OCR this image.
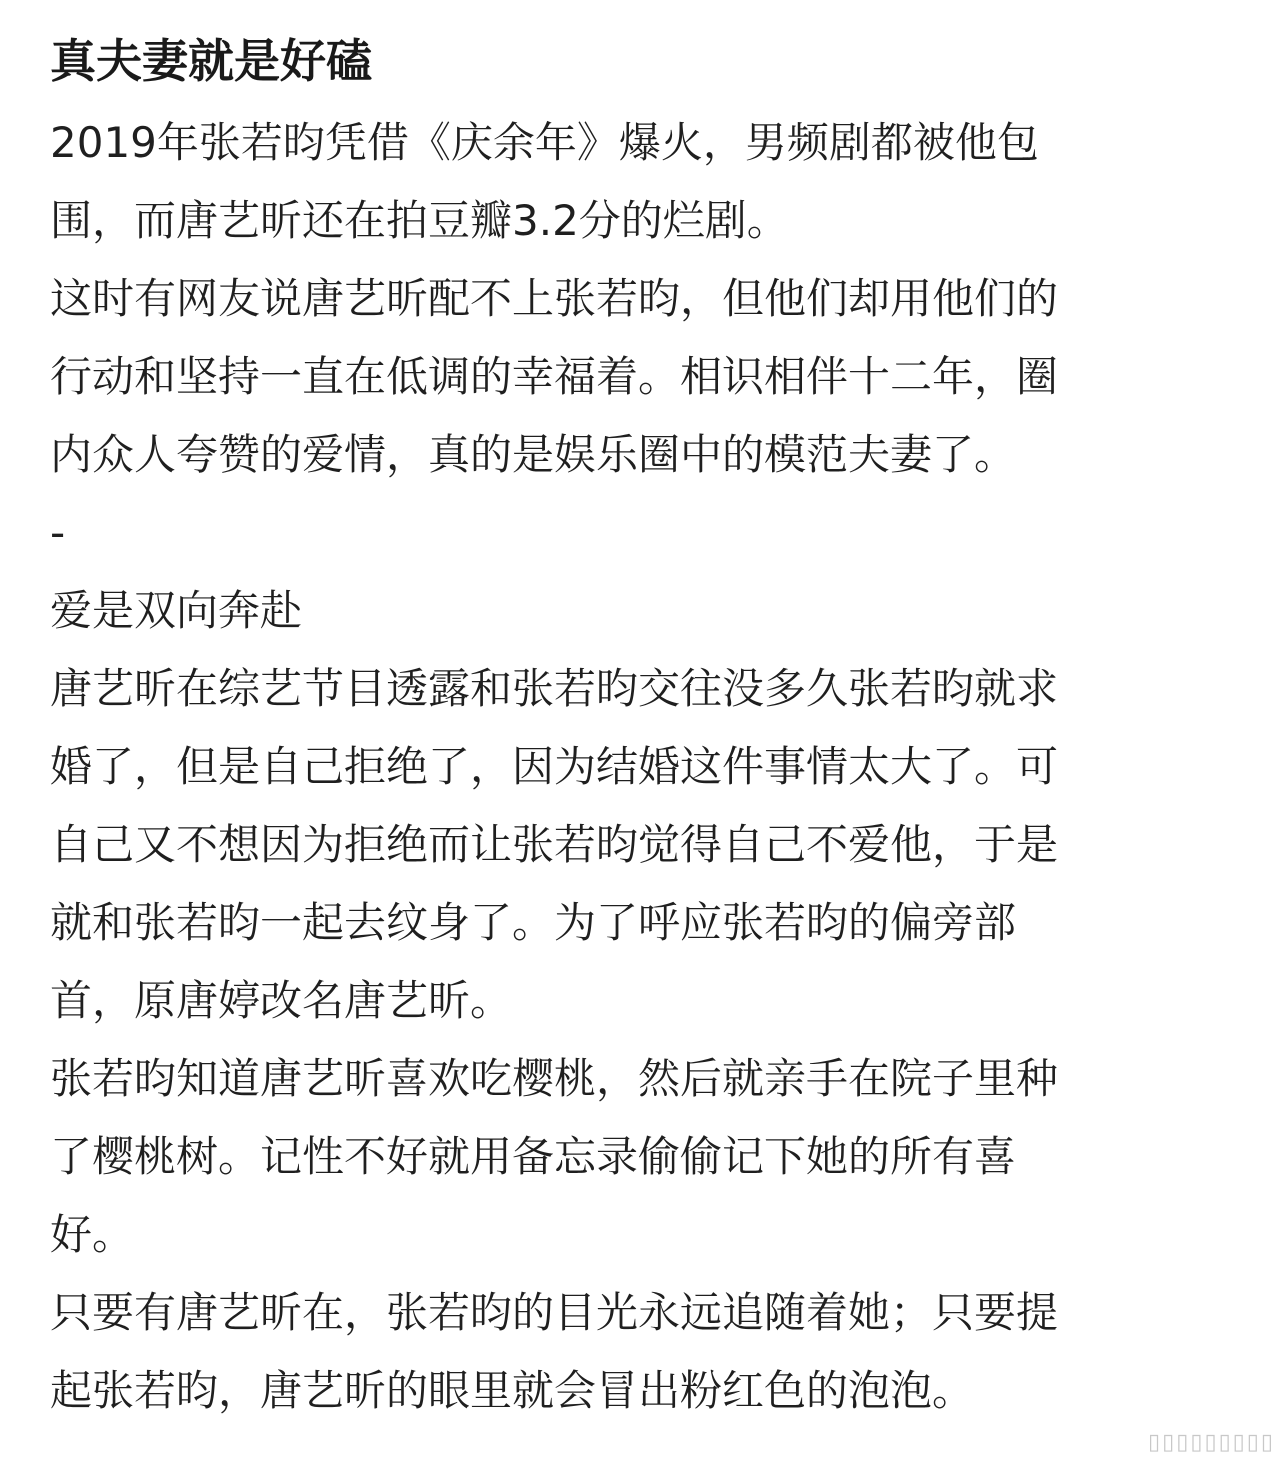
真夫妻就是好磕
2019年张若昀凭借《庆余年》爆火，男频剧都被他包
围，而唐艺昕还在拍豆瓣3.2分的烂剧。
这时有网友说唐艺昕配不上张若昀，但他们却用他们的
行动和坚持一直在低调的幸福着。相识相伴十二年，圈
内众人夸赞的爱情，真的是娱乐圈中的模范夫妻了。
-
爱是双向奔赴
唐艺昕在综艺节目透露和张若昀交往没多久张若昀就求
婚了，但是自己拒绝了，因为结婚这件事情太大了。可
自己又不想因为拒绝而让张若昀觉得自己不爱他，于是
就和张若昀一起去纹身了。为了呼应张若昀的偏旁部
首，原唐婷改名唐艺昕。
张若昀知道唐艺昕喜欢吃樱桃，然后就亲手在院子里种
了樱桃树。记性不好就用备忘录偷偷记下她的所有喜
好。
只要有唐艺昕在，张若昀的目光永远追随着她；只要提
起张若昀，唐艺昕的眼里就会冒出粉红色的泡泡。
▯▯▯▯▯▯▯▯▯
